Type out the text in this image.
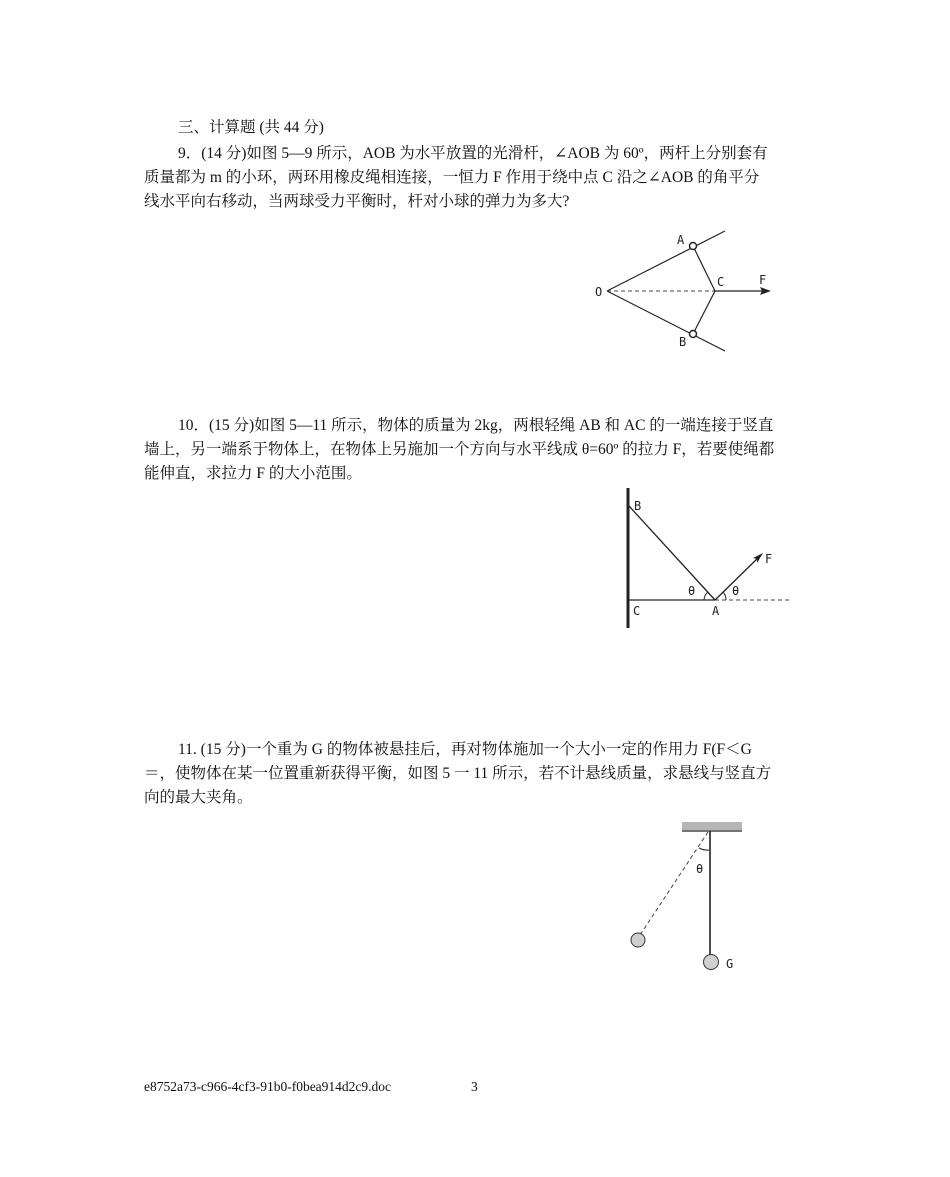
三、计算题 (共 44 分)
9．(14 分)如图 5—9 所示，AOB 为水平放置的光滑杆，∠AOB 为 60º，两杆上分别套有
质量都为 m 的小环，两环用橡皮绳相连接，一恒力 F 作用于绕中点 C 沿之∠AOB 的角平分
线水平向右移动，当两球受力平衡时，杆对小球的弹力为多大?
O
A
B
C	F
10．(15 分)如图 5—11 所示，物体的质量为 2kg，两根轻绳 AB 和 AC 的一端连接于竖直
墙上，另一端系于物体上，在物体上另施加一个方向与水平线成 θ=60º 的拉力 F，若要使绳都
能伸直，求拉力 F 的大小范围。
B
C	A
F
θ	θ
11. (15 分)一个重为 G 的物体被悬挂后，再对物体施加一个大小一定的作用力 F(F＜G
＝，使物体在某一位置重新获得平衡，如图 5 一 11 所示，若不计悬线质量，求悬线与竖直方
向的最大夹角。
θ
G
e8752a73-c966-4cf3-91b0-f0bea914d2c9.doc	3
